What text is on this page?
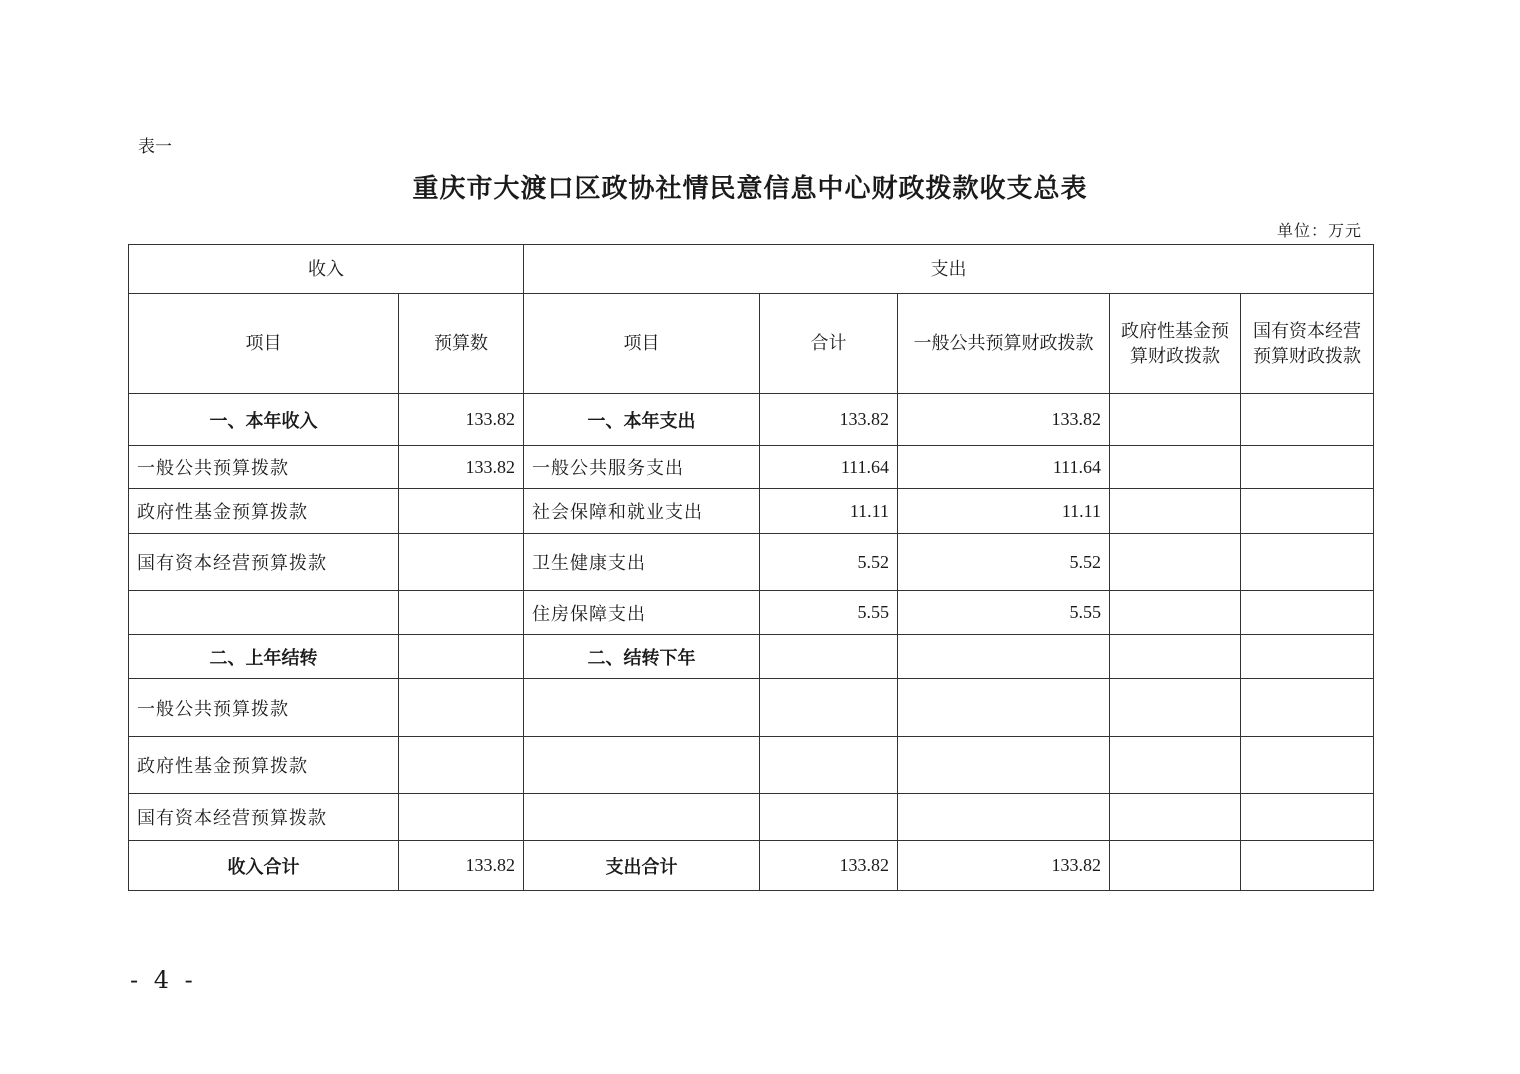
表一
重庆市大渡口区政协社情民意信息中心财政拨款收支总表
单位：万元
收入		支出				
项目	预算数	项目	合计	一般公共预算财政拨款	政府性基金预算财政拨款	国有资本经营预算财政拨款
一、本年收入	133.82	一、本年支出	133.82	133.82		
一般公共预算拨款	133.82	一般公共服务支出	111.64	111.64		
政府性基金预算拨款		社会保障和就业支出	11.11	11.11		
国有资本经营预算拨款		卫生健康支出	5.52	5.52		
		住房保障支出	5.55	5.55		
二、上年结转		二、结转下年				
一般公共预算拨款						
政府性基金预算拨款						
国有资本经营预算拨款						
收入合计	133.82	支出合计	133.82	133.82		
- 4 -
